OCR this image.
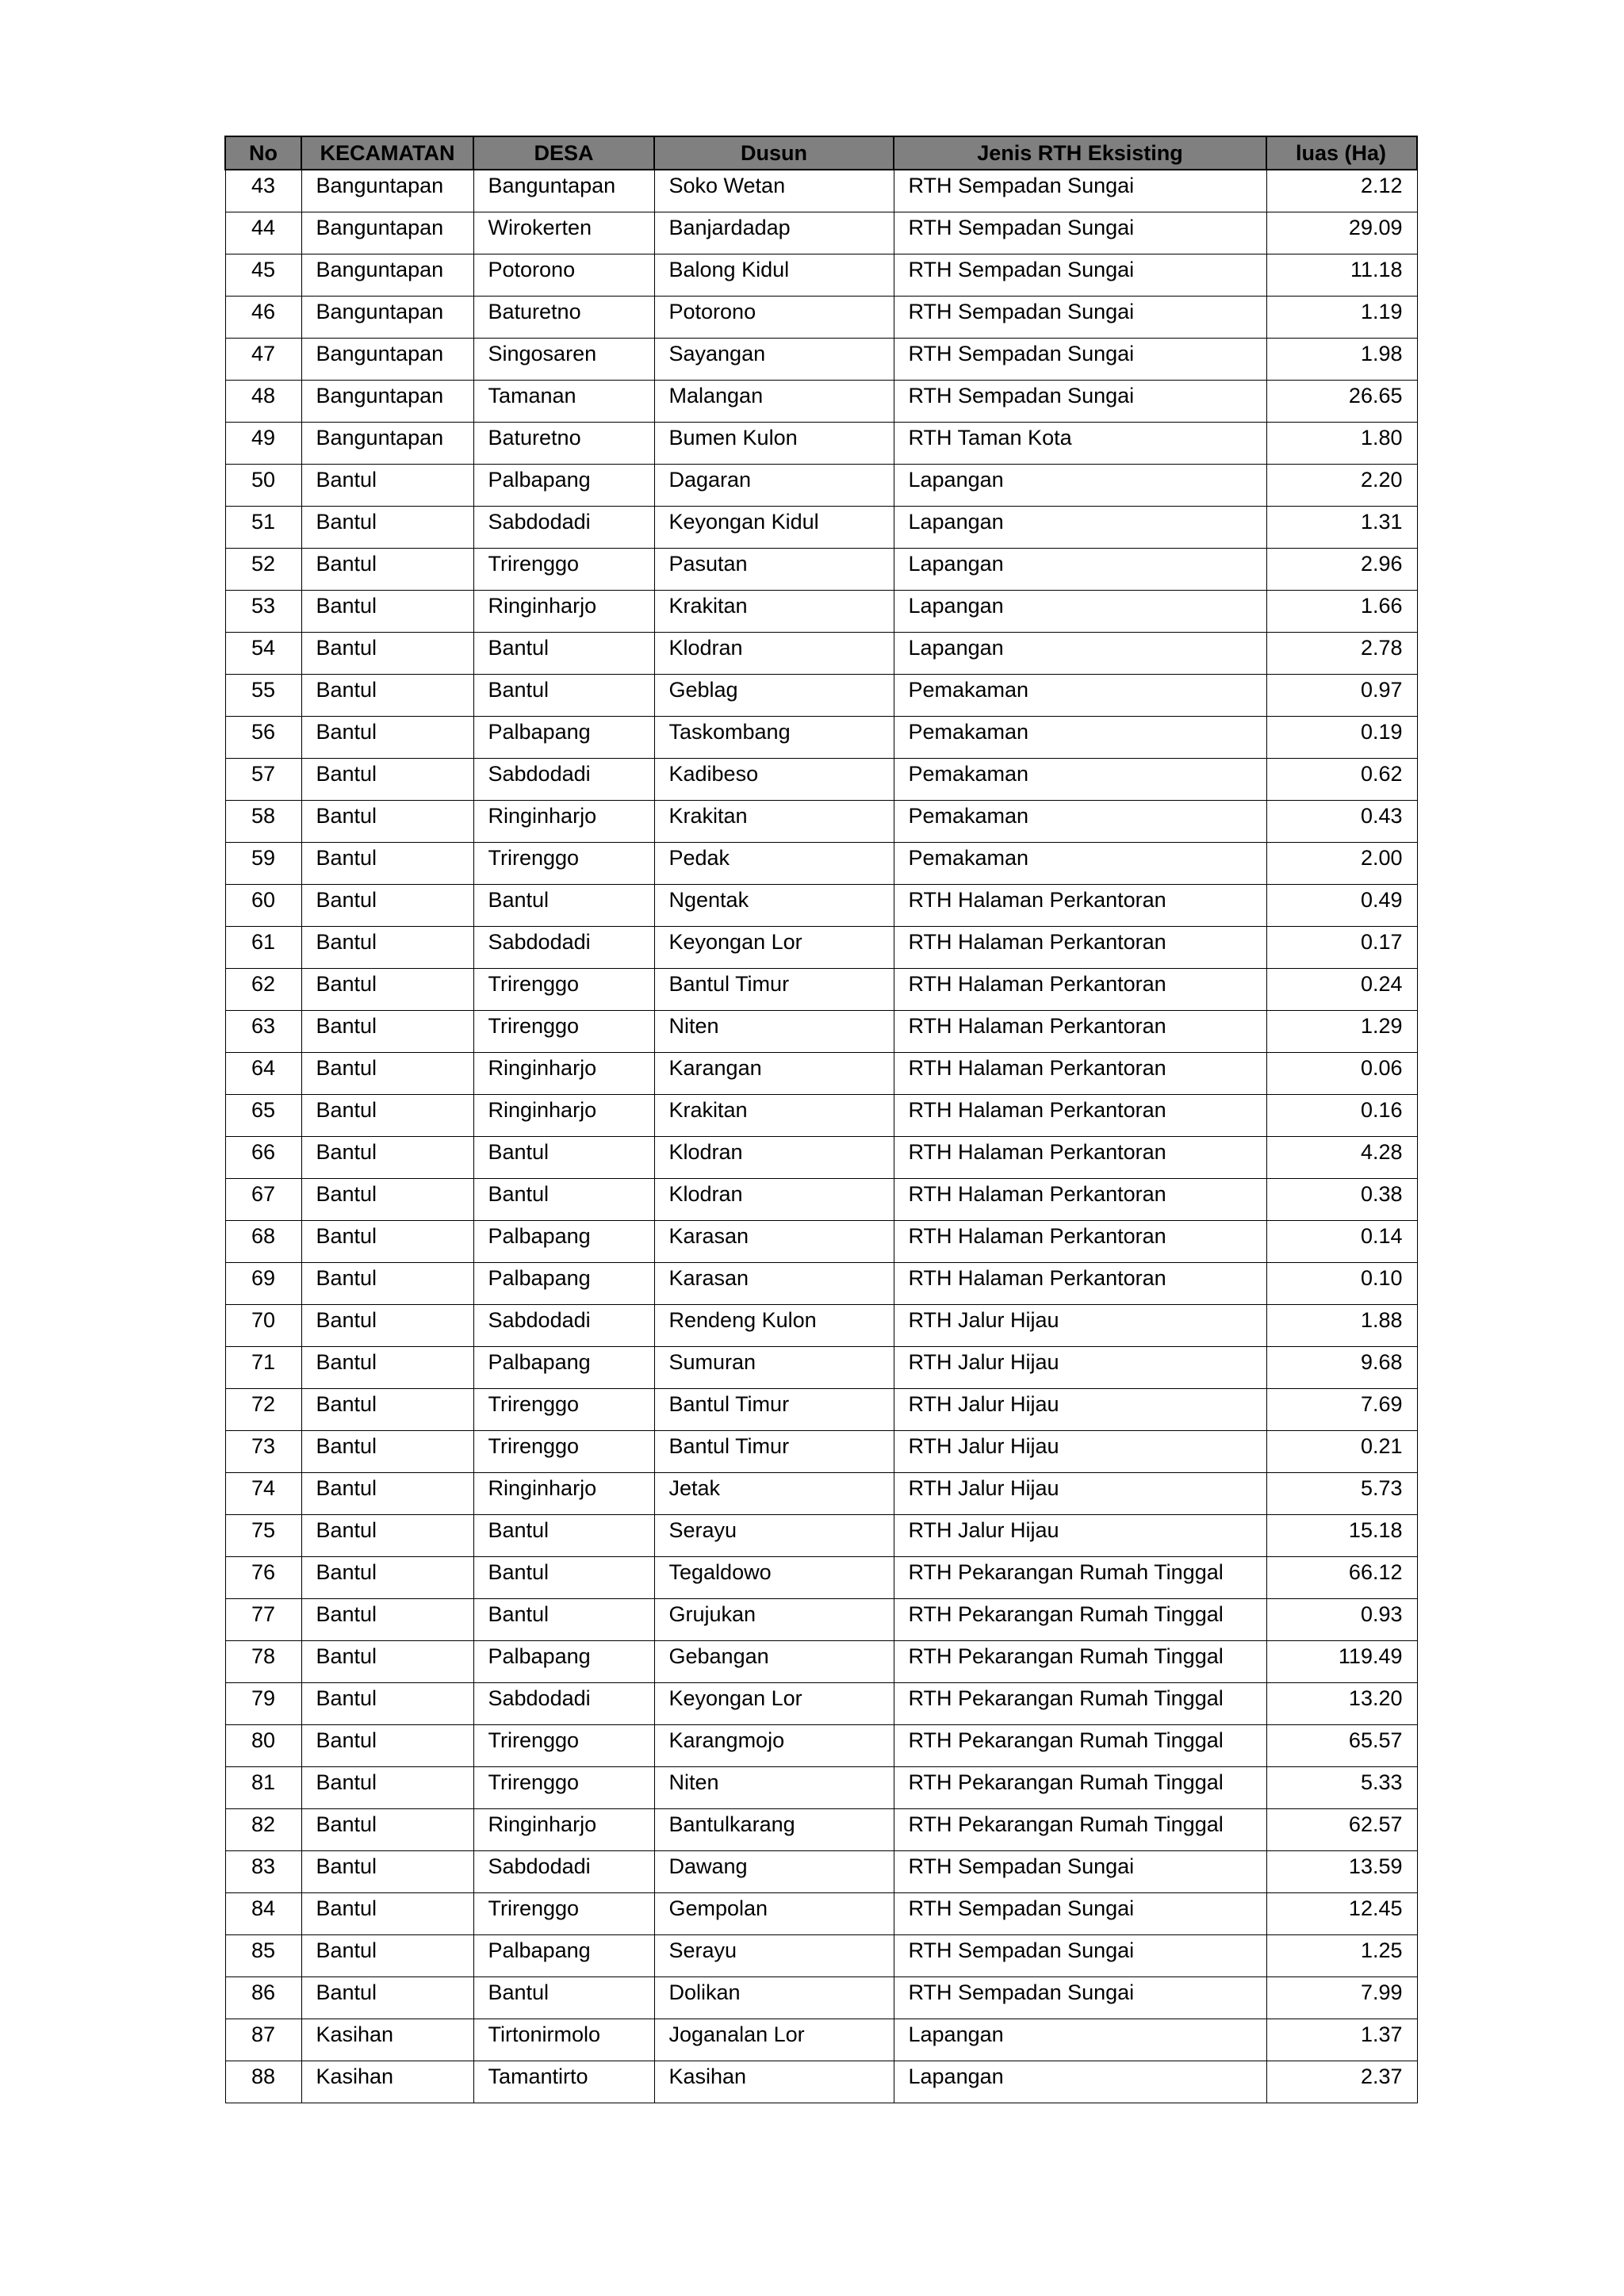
No	KECAMATAN	DESA	Dusun	Jenis RTH Eksisting	luas (Ha)
43	Banguntapan	Banguntapan	Soko Wetan	RTH Sempadan Sungai	2.12
44	Banguntapan	Wirokerten	Banjardadap	RTH Sempadan Sungai	29.09
45	Banguntapan	Potorono	Balong Kidul	RTH Sempadan Sungai	11.18
46	Banguntapan	Baturetno	Potorono	RTH Sempadan Sungai	1.19
47	Banguntapan	Singosaren	Sayangan	RTH Sempadan Sungai	1.98
48	Banguntapan	Tamanan	Malangan	RTH Sempadan Sungai	26.65
49	Banguntapan	Baturetno	Bumen Kulon	RTH Taman Kota	1.80
50	Bantul	Palbapang	Dagaran	Lapangan	2.20
51	Bantul	Sabdodadi	Keyongan Kidul	Lapangan	1.31
52	Bantul	Trirenggo	Pasutan	Lapangan	2.96
53	Bantul	Ringinharjo	Krakitan	Lapangan	1.66
54	Bantul	Bantul	Klodran	Lapangan	2.78
55	Bantul	Bantul	Geblag	Pemakaman	0.97
56	Bantul	Palbapang	Taskombang	Pemakaman	0.19
57	Bantul	Sabdodadi	Kadibeso	Pemakaman	0.62
58	Bantul	Ringinharjo	Krakitan	Pemakaman	0.43
59	Bantul	Trirenggo	Pedak	Pemakaman	2.00
60	Bantul	Bantul	Ngentak	RTH Halaman Perkantoran	0.49
61	Bantul	Sabdodadi	Keyongan Lor	RTH Halaman Perkantoran	0.17
62	Bantul	Trirenggo	Bantul Timur	RTH Halaman Perkantoran	0.24
63	Bantul	Trirenggo	Niten	RTH Halaman Perkantoran	1.29
64	Bantul	Ringinharjo	Karangan	RTH Halaman Perkantoran	0.06
65	Bantul	Ringinharjo	Krakitan	RTH Halaman Perkantoran	0.16
66	Bantul	Bantul	Klodran	RTH Halaman Perkantoran	4.28
67	Bantul	Bantul	Klodran	RTH Halaman Perkantoran	0.38
68	Bantul	Palbapang	Karasan	RTH Halaman Perkantoran	0.14
69	Bantul	Palbapang	Karasan	RTH Halaman Perkantoran	0.10
70	Bantul	Sabdodadi	Rendeng Kulon	RTH Jalur Hijau	1.88
71	Bantul	Palbapang	Sumuran	RTH Jalur Hijau	9.68
72	Bantul	Trirenggo	Bantul Timur	RTH Jalur Hijau	7.69
73	Bantul	Trirenggo	Bantul Timur	RTH Jalur Hijau	0.21
74	Bantul	Ringinharjo	Jetak	RTH Jalur Hijau	5.73
75	Bantul	Bantul	Serayu	RTH Jalur Hijau	15.18
76	Bantul	Bantul	Tegaldowo	RTH Pekarangan Rumah Tinggal	66.12
77	Bantul	Bantul	Grujukan	RTH Pekarangan Rumah Tinggal	0.93
78	Bantul	Palbapang	Gebangan	RTH Pekarangan Rumah Tinggal	119.49
79	Bantul	Sabdodadi	Keyongan Lor	RTH Pekarangan Rumah Tinggal	13.20
80	Bantul	Trirenggo	Karangmojo	RTH Pekarangan Rumah Tinggal	65.57
81	Bantul	Trirenggo	Niten	RTH Pekarangan Rumah Tinggal	5.33
82	Bantul	Ringinharjo	Bantulkarang	RTH Pekarangan Rumah Tinggal	62.57
83	Bantul	Sabdodadi	Dawang	RTH Sempadan Sungai	13.59
84	Bantul	Trirenggo	Gempolan	RTH Sempadan Sungai	12.45
85	Bantul	Palbapang	Serayu	RTH Sempadan Sungai	1.25
86	Bantul	Bantul	Dolikan	RTH Sempadan Sungai	7.99
87	Kasihan	Tirtonirmolo	Joganalan Lor	Lapangan	1.37
88	Kasihan	Tamantirto	Kasihan	Lapangan	2.37
